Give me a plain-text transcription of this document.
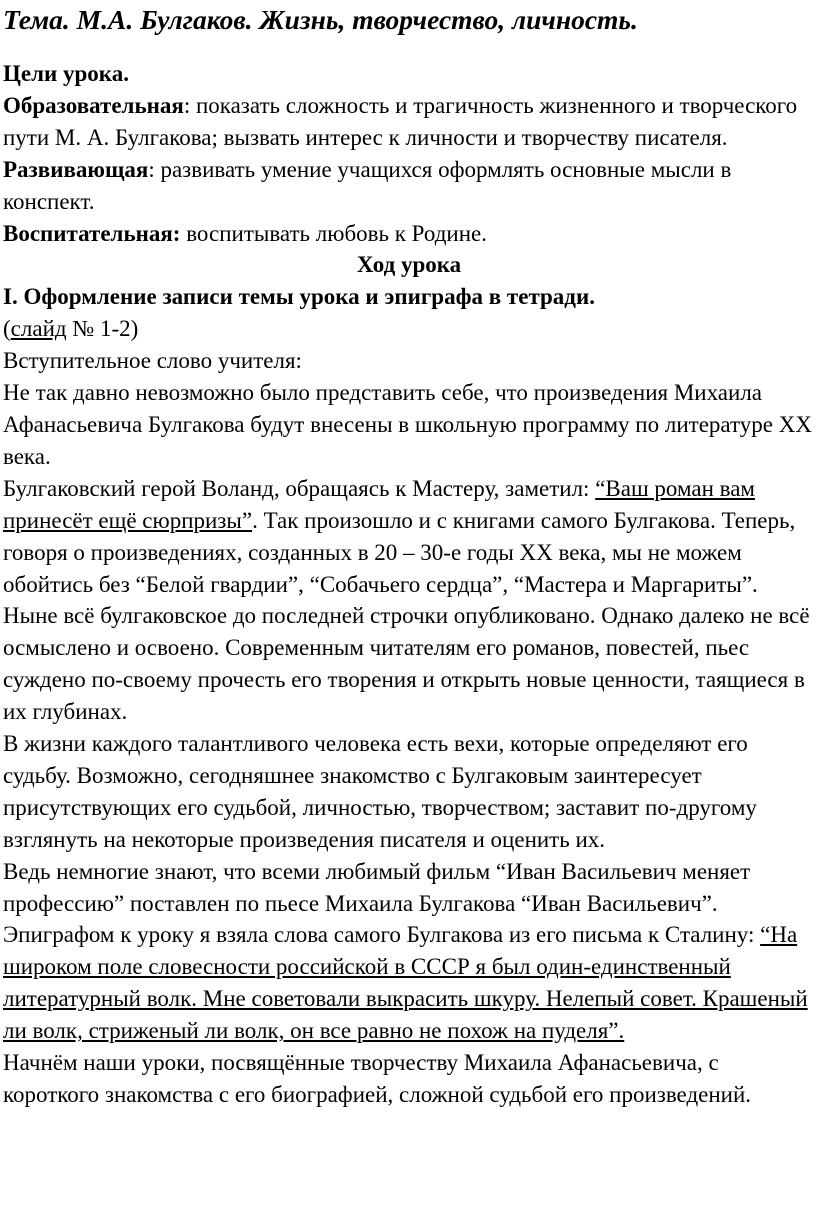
Тема. М.А. Булгаков. Жизнь, творчество, личность.

Цели урока.

Образовательная: показать сложность и трагичность жизненного и творческого пути М. А. Булгакова; вызвать интерес к личности и творчеству писателя.

Развивающая: развивать умение учащихся оформлять основные мысли в конспект.

Воспитательная: воспитывать любовь к Родине.

Ход урока

I. Оформление записи темы урока и эпиграфа в тетради.

(слайд № 1-2)

Вступительное слово учителя:

Не так давно невозможно было представить себе, что произведения Михаила Афанасьевича Булгакова будут внесены в школьную программу по литературе ХХ века.

Булгаковский герой Воланд, обращаясь к Мастеру, заметил: “Ваш роман вам принесёт ещё сюрпризы”. Так произошло и с книгами самого Булгакова. Теперь, говоря о произведениях, созданных в 20 – 30-е годы ХХ века, мы не можем обойтись без “Белой гвардии”, “Собачьего сердца”, “Мастера и Маргариты”.

Ныне всё булгаковское до последней строчки опубликовано. Однако далеко не всё осмыслено и освоено. Современным читателям его романов, повестей, пьес суждено по-своему прочесть его творения и открыть новые ценности, таящиеся в их глубинах.

В жизни каждого талантливого человека есть вехи, которые определяют его судьбу. Возможно, сегодняшнее знакомство с Булгаковым заинтересует присутствующих его судьбой, личностью, творчеством; заставит по-другому взглянуть на некоторые произведения писателя и оценить их.

Ведь немногие знают, что всеми любимый фильм “Иван Васильевич меняет профессию” поставлен по пьесе Михаила Булгакова “Иван Васильевич”.

Эпиграфом к уроку я взяла слова самого Булгакова из его письма к Сталину: “На широком поле словесности российской в СССР я был один-единственный литературный волк. Мне советовали выкрасить шкуру. Нелепый совет. Крашеный ли волк, стриженый ли волк, он все равно не похож на пуделя”.

Начнём наши уроки, посвящённые творчеству Михаила Афанасьевича, с короткого знакомства с его биографией, сложной судьбой его произведений.
